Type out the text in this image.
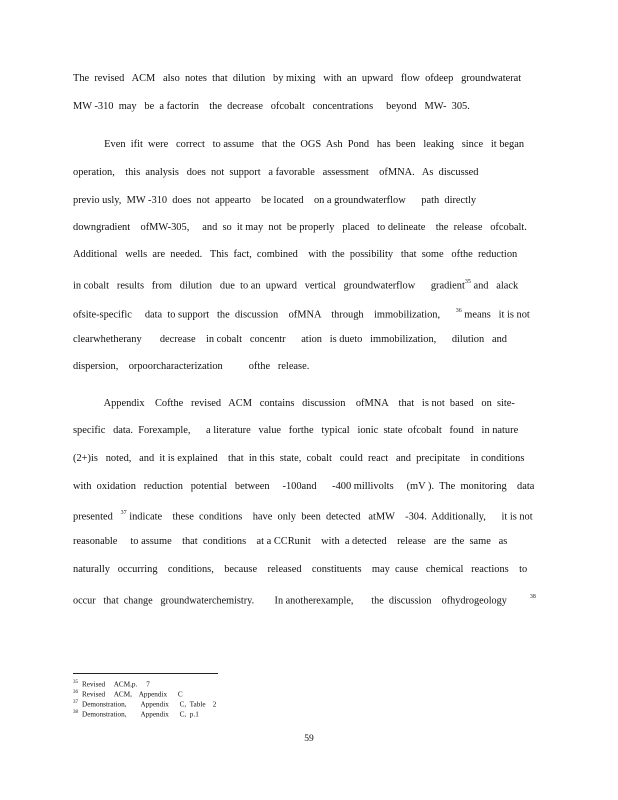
The  revised   ACM   also  notes  that  dilution   by mixing   with  an  upward   flow  ofdeep   groundwaterat
MW -310  may   be  a factorin    the  decrease   ofcobalt   concentrations     beyond   MW-  305.
Even  ifit  were   correct   to assume   that  the  OGS  Ash  Pond   has  been   leaking   since   it began
operation,    this  analysis   does  not  support   a favorable   assessment    ofMNA.   As  discussed
previo usly,  MW -310  does  not  appearto    be located    on a groundwaterflow      path  directly
downgradient    ofMW-305,     and  so  it may  not  be properly   placed   to delineate    the  release   ofcobalt.
Additional   wells  are  needed.   This  fact,  combined    with  the  possibility   that  some   ofthe  reduction
in cobalt   results   from   dilution   due  to an  upward   vertical   groundwaterflow      gradient$^{35}$ and   alack
ofsite-specific     data  to support   the  discussion    ofMNA    through    immobilization,	$^{36}$ means   it is not
clearwhetherany       decrease    in cobalt   concentr      ation   is dueto   immobilization,      dilution   and
dispersion,    orpoorcharacterization          ofthe   release.
Appendix    Cofthe   revised   ACM   contains   discussion    ofMNA    that   is not  based   on  site-
specific   data.  Forexample,      a literature   value   forthe   typical   ionic  state  ofcobalt   found   in nature
(2+)is   noted,   and  it is explained    that  in this  state,  cobalt   could  react   and  precipitate    in conditions
with  oxidation   reduction   potential   between     -100and      -400 millivolts     (mV ).  The  monitoring    data
presented $^{37}$ indicate    these  conditions    have  only  been  detected   atMW    -304.  Additionally,      it is not
reasonable     to assume    that  conditions    at a CCRunit    with  a detected    release   are  the  same   as
naturally   occurring    conditions,    because    released    constituents    may  cause   chemical   reactions    to
occur   that  change   groundwaterchemistry.        In anotherexample,       the  discussion    ofhydrogeology	$^{38}$
$^{35}$ Revised     ACM,p.     7
$^{36}$ Revised     ACM,    Appendix      C
$^{37}$ Demonstration,        Appendix      C,  Table    2
$^{38}$ Demonstration,        Appendix      C,  p.1
59
